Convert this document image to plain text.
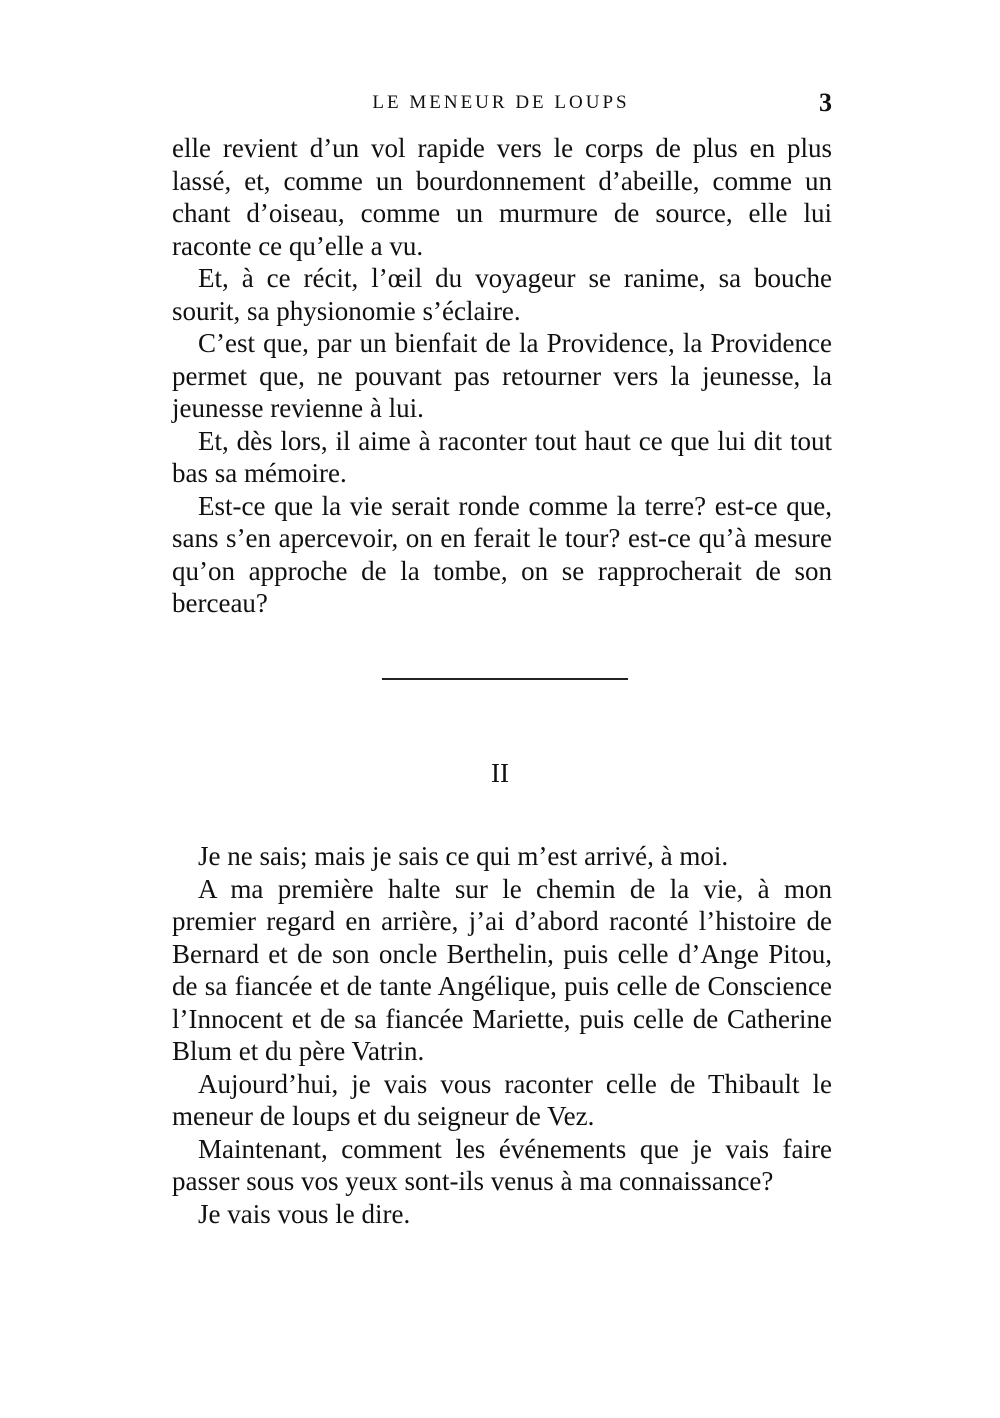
LE MENEUR DE LOUPS	3

elle revient d’un vol rapide vers le corps de plus en plus lassé, et, comme un bourdonnement d’abeille, comme un chant d’oiseau, comme un murmure de source, elle lui raconte ce qu’elle a vu.

Et, à ce récit, l’œil du voyageur se ranime, sa bouche sourit, sa physionomie s’éclaire.

C’est que, par un bienfait de la Providence, la Providence permet que, ne pouvant pas retourner vers la jeunesse, la jeunesse revienne à lui.

Et, dès lors, il aime à raconter tout haut ce que lui dit tout bas sa mémoire.

Est-ce que la vie serait ronde comme la terre? est-ce que, sans s’en apercevoir, on en ferait le tour? est-ce qu’à mesure qu’on approche de la tombe, on se rapprocherait de son berceau?

II

Je ne sais; mais je sais ce qui m’est arrivé, à moi.

A ma première halte sur le chemin de la vie, à mon premier regard en arrière, j’ai d’abord raconté l’histoire de Bernard et de son oncle Berthelin, puis celle d’Ange Pitou, de sa fiancée et de tante Angélique, puis celle de Conscience l’Innocent et de sa fiancée Mariette, puis celle de Catherine Blum et du père Vatrin.

Aujourd’hui, je vais vous raconter celle de Thibault le meneur de loups et du seigneur de Vez.

Maintenant, comment les événements que je vais faire passer sous vos yeux sont-ils venus à ma connaissance?

Je vais vous le dire.
